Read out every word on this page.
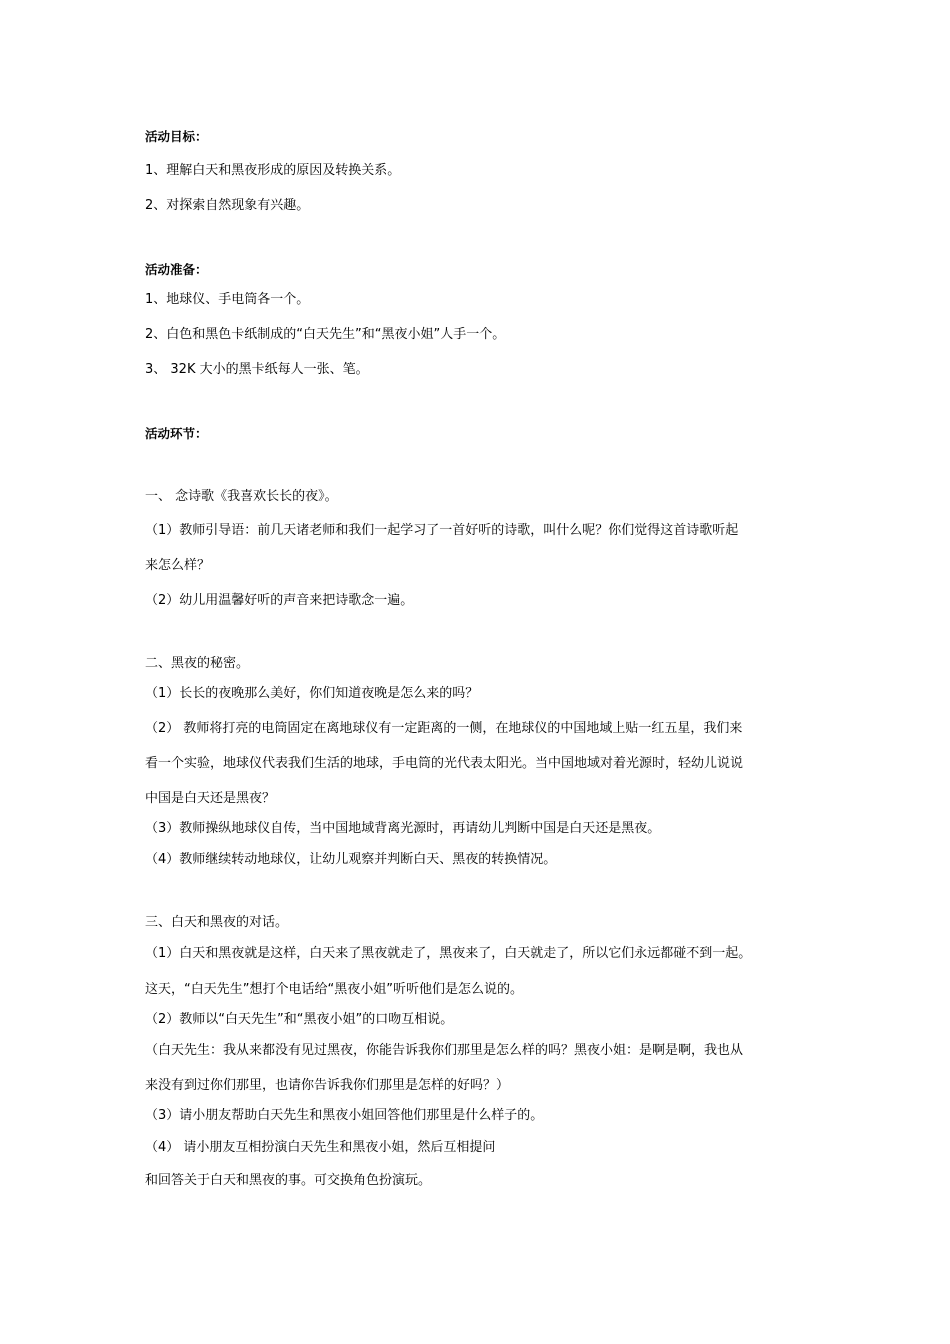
活动目标：
1、理解白天和黑夜形成的原因及转换关系。
2、对探索自然现象有兴趣。
活动准备：
1、地球仪、手电筒各一个。
2、白色和黑色卡纸制成的“白天先生”和“黑夜小姐”人手一个。
3、 32K 大小的黑卡纸每人一张、笔。
活动环节：
一、 念诗歌《我喜欢长长的夜》。
（1）教师引导语：前几天诸老师和我们一起学习了一首好听的诗歌，叫什么呢？你们觉得这首诗歌听起
来怎么样？
（2）幼儿用温馨好听的声音来把诗歌念一遍。
二、黑夜的秘密。
（1）长长的夜晚那么美好，你们知道夜晚是怎么来的吗？
（2） 教师将打亮的电筒固定在离地球仪有一定距离的一侧，在地球仪的中国地域上贴一红五星，我们来
看一个实验，地球仪代表我们生活的地球，手电筒的光代表太阳光。当中国地域对着光源时，轻幼儿说说
中国是白天还是黑夜？
（3）教师操纵地球仪自传，当中国地域背离光源时，再请幼儿判断中国是白天还是黑夜。
（4）教师继续转动地球仪，让幼儿观察并判断白天、黑夜的转换情况。
三、白天和黑夜的对话。
（1）白天和黑夜就是这样，白天来了黑夜就走了，黑夜来了，白天就走了，所以它们永远都碰不到一起。
这天，“白天先生”想打个电话给“黑夜小姐”听听他们是怎么说的。
（2）教师以“白天先生”和“黑夜小姐”的口吻互相说。
（白天先生：我从来都没有见过黑夜，你能告诉我你们那里是怎么样的吗？黑夜小姐：是啊是啊，我也从
来没有到过你们那里，也请你告诉我你们那里是怎样的好吗？）
（3）请小朋友帮助白天先生和黑夜小姐回答他们那里是什么样子的。
（4） 请小朋友互相扮演白天先生和黑夜小姐，然后互相提问
和回答关于白天和黑夜的事。可交换角色扮演玩。
